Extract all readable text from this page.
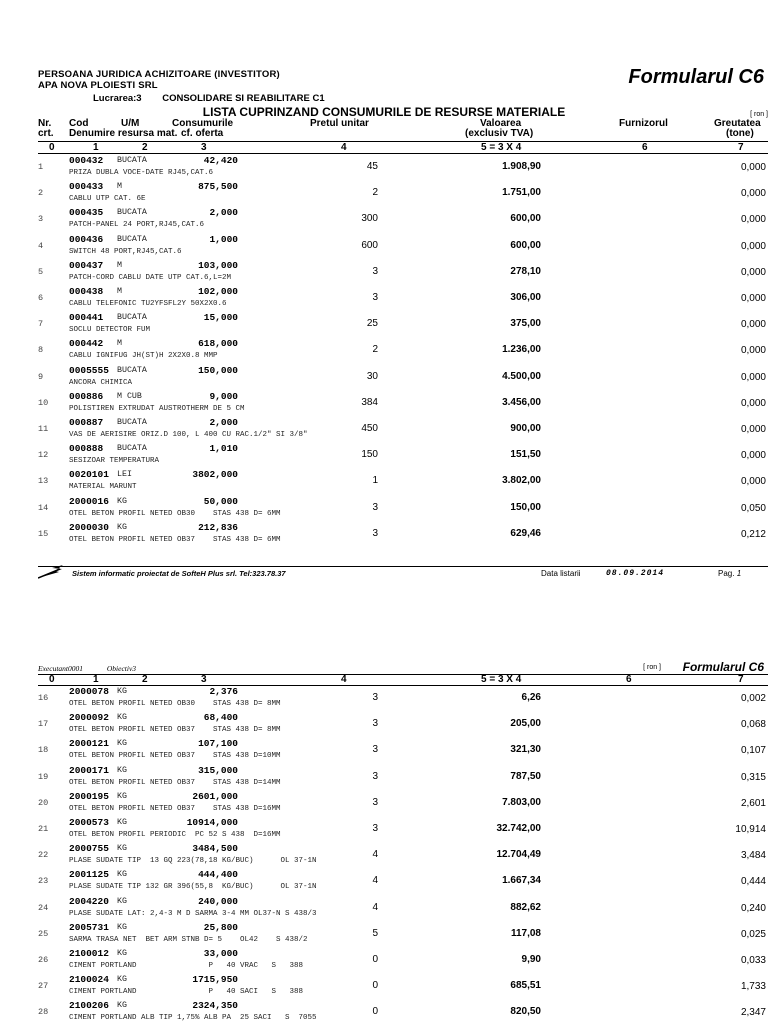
PERSOANA JURIDICA ACHIZITOARE (INVESTITOR)
APA NOVA PLOIESTI SRL
Lucrarea:3 CONSOLIDARE SI REABILITARE C1
Formularul C6
LISTA CUPRINZAND CONSUMURILE DE RESURSE MATERIALE	[ ron ]
Nr.
crt.
Cod	U/M	Consumurile
Denumire resursa mat. cf. oferta
Pretul unitar	Valoarea
(exclusiv TVA)
Furnizorul	Greutatea
(tone)
0	1	2	3	4	5 = 3 X 4	6	7
1
000432 BUCATA	42,420
45	1.908,90	0,000
PRIZA DUBLA VOCE-DATE RJ45,CAT.6
2
000433 M	875,500
2	1.751,00	0,000
CABLU UTP CAT. 6E
3
000435 BUCATA	2,000
300	600,00	0,000
PATCH-PANEL 24 PORT,RJ45,CAT.6
4
000436 BUCATA	1,000
600	600,00	0,000
SWITCH 48 PORT,RJ45,CAT.6
5
000437 M	103,000
3	278,10	0,000
PATCH-CORD CABLU DATE UTP CAT.6,L=2M
6
000438 M	102,000
3	306,00	0,000
CABLU TELEFONIC TU2YFSFL2Y 50X2X0.6
7
000441 BUCATA	15,000
25	375,00	0,000
SOCLU DETECTOR FUM
8
000442 M	618,000
2	1.236,00	0,000
CABLU IGNIFUG JH(ST)H 2X2X0.8 MMP
9
0005555 BUCATA	150,000
30	4.500,00	0,000
ANCORA CHIMICA
10
000886 M CUB	9,000
384	3.456,00	0,000
POLISTIREN EXTRUDAT AUSTROTHERM DE 5 CM
11
000887 BUCATA	2,000
450	900,00	0,000
VAS DE AERISIRE ORIZ.D 100, L 400 CU RAC.1/2" SI 3/8"
12
000888 BUCATA	1,010
150	151,50	0,000
SESIZOAR TEMPERATURA
13
0020101 LEI	3802,000
1	3.802,00	0,000
MATERIAL MARUNT
14
2000016 KG	50,000
3	150,00	0,050
OTEL BETON PROFIL NETED OB30    STAS 438 D= 6MM
15
2000030 KG	212,836
3	629,46	0,212
OTEL BETON PROFIL NETED OB37    STAS 438 D= 6MM
Sistem informatic proiectat de SofteH Plus srl. Tel:323.78.37	Data listarii	08.09.2014	Pag. 1
Executant0001	Obiectiv3	[ ron ] Formularul C6
0	1	2	3	4	5 = 3 X 4	6	7
16
2000078 KG	2,376
3	6,26	0,002
OTEL BETON PROFIL NETED OB30    STAS 438 D= 8MM
17
2000092 KG	68,400
3	205,00	0,068
OTEL BETON PROFIL NETED OB37    STAS 438 D= 8MM
18
2000121 KG	107,100
3	321,30	0,107
OTEL BETON PROFIL NETED OB37    STAS 438 D=10MM
19
2000171 KG	315,000
3	787,50	0,315
OTEL BETON PROFIL NETED OB37    STAS 438 D=14MM
20
2000195 KG	2601,000
3	7.803,00	2,601
OTEL BETON PROFIL NETED OB37    STAS 438 D=16MM
21
2000573 KG	10914,000
3	32.742,00	10,914
OTEL BETON PROFIL PERIODIC  PC 52 S 438  D=16MM
22
2000755 KG	3484,500
4	12.704,49	3,484
PLASE SUDATE TIP  13 GQ 223(78,18 KG/BUC)      OL 37-1N
23
2001125 KG	444,400
4	1.667,34	0,444
PLASE SUDATE TIP 132 GR 396(55,8  KG/BUC)      OL 37-1N
24
2004220 KG	240,000
4	882,62	0,240
PLASE SUDATE LAT: 2,4-3 M D SARMA 3-4 MM OL37-N S 438/3
25
2005731 KG	25,800
5	117,08	0,025
SARMA TRASA NET  BET ARM STNB D= 5    OL42    S 438/2
26
2100012 KG	33,000
0	9,90	0,033
CIMENT PORTLAND                P   40 VRAC   S   388
27
2100024 KG	1715,950
0	685,51	1,733
CIMENT PORTLAND                P   40 SACI   S   388
28
2100206 KG	2324,350
0	820,50	2,347
CIMENT PORTLAND ALB TIP 1,75% ALB PA  25 SACI   S  7055
